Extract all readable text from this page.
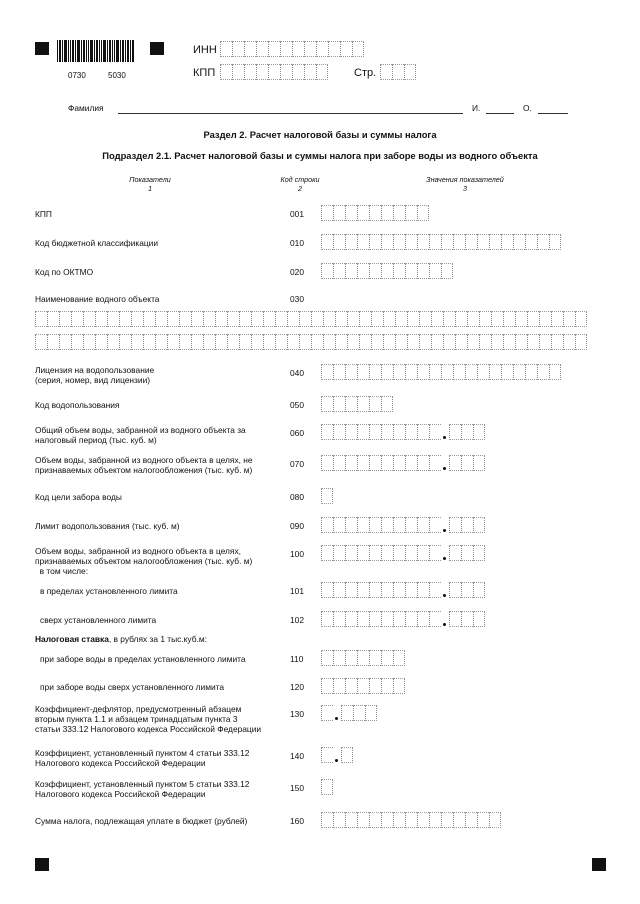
0730	5030
ИНН
КПП	Стр.
Фамилия	И.	О.
Раздел 2. Расчет налоговой базы и суммы налога
Подраздел 2.1. Расчет налоговой базы и суммы налога при заборе воды из водного объекта
Показатели
1
Код строки
2
Значения показателей
3
КПП	001
Код бюджетной классификации	010
Код по ОКТМО	020
Наименование водного объекта	030
Лицензия на водопользование
(серия, номер, вид лицензии)
040
Код водопользования	050
Общий объем воды, забранной из водного объекта за
налоговый период (тыс. куб. м)
060
Объем воды, забранной из водного объекта в целях, не
признаваемых объектом налогообложения (тыс. куб. м)
070
Код цели забора воды	080
Лимит водопользования (тыс. куб. м)	090
Объем воды, забранной из водного объекта в целях,
признаваемых объектом налогообложения (тыс. куб. м)
в том числе:
100
в пределах установленного лимита	101
сверх установленного лимита	102
Налоговая ставка, в рублях за 1 тыс.куб.м:
при заборе воды в пределах установленного лимита	110
при заборе воды сверх установленного лимита	120
Коэффициент-дефлятор, предусмотренный абзацем
вторым пункта 1.1 и абзацем тринадцатым пункта 3
статьи 333.12 Налогового кодекса Российской Федерации
130
Коэффициент, установленный пунктом 4 статьи 333.12
Налогового кодекса Российской Федерации
140
Коэффициент, установленный пунктом 5 статьи 333.12
Налогового кодекса Российской Федерации
150
Сумма налога, подлежащая уплате в бюджет (рублей)	160
